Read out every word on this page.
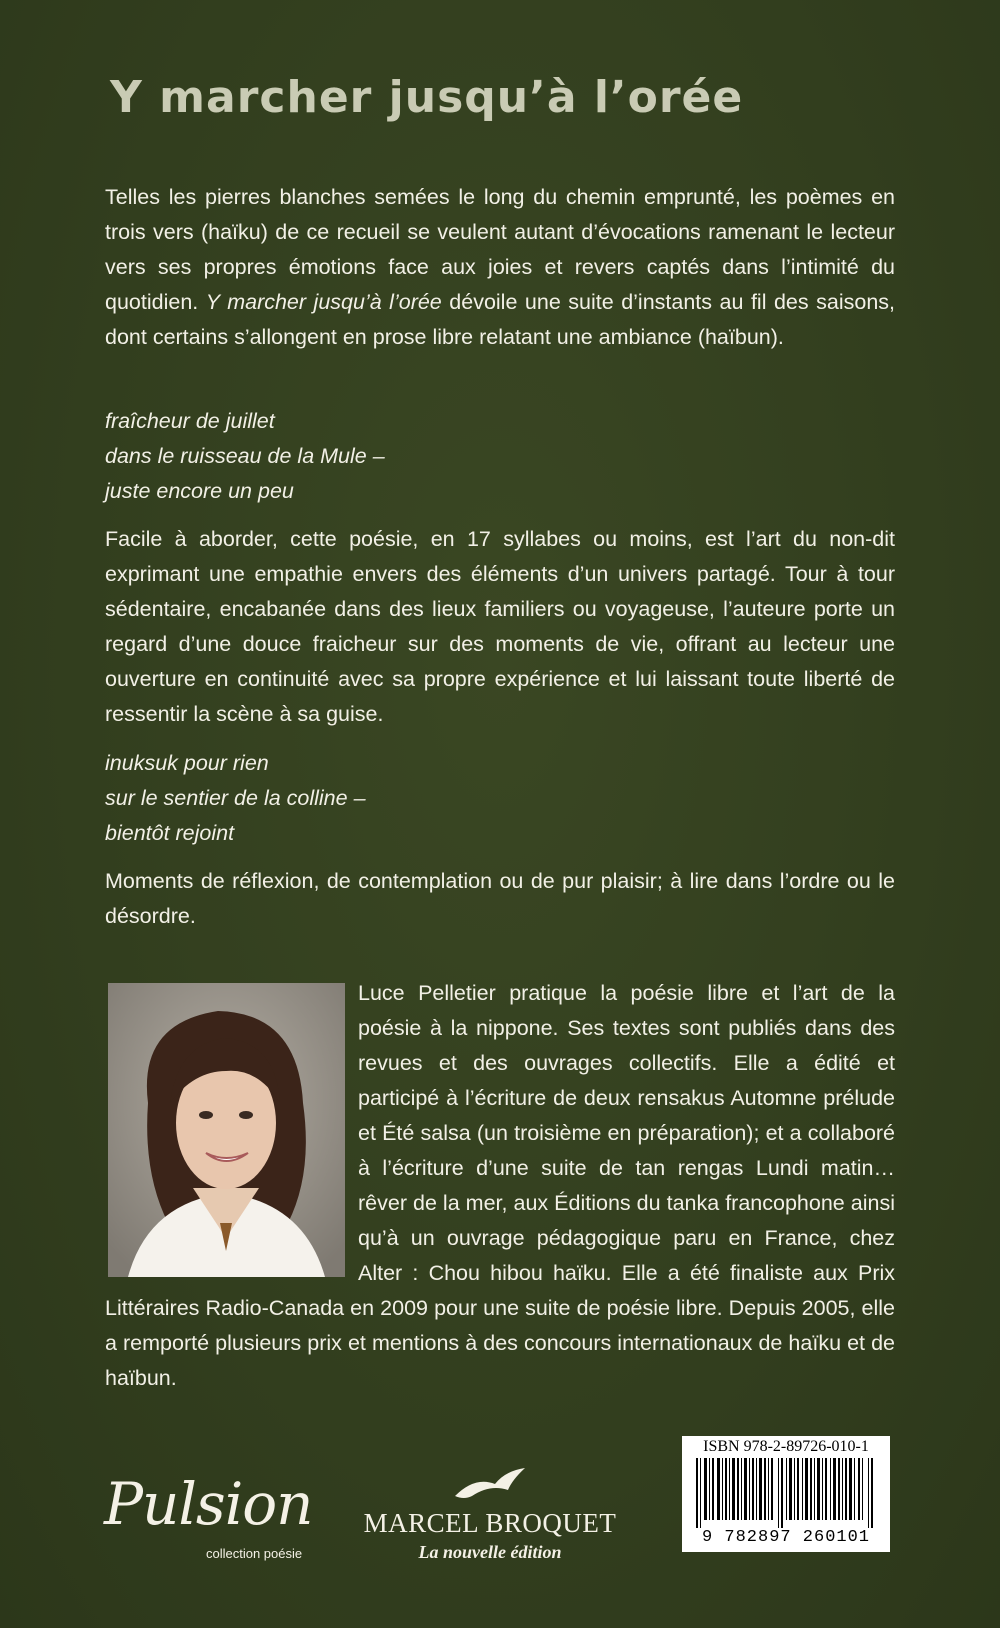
Y marcher jusqu’à l’orée

Telles les pierres blanches semées le long du chemin emprunté, les poèmes en trois vers (haïku) de ce recueil se veulent autant d’évocations ramenant le lecteur vers ses propres émotions face aux joies et revers captés dans l’intimité du quotidien. Y marcher jusqu’à l’orée dévoile une suite d’instants au fil des saisons, dont certains s’allongent en prose libre relatant une ambiance (haïbun).

fraîcheur de juillet
dans le ruisseau de la Mule –
juste encore un peu

Facile à aborder, cette poésie, en 17 syllabes ou moins, est l’art du non-dit exprimant une empathie envers des éléments d’un univers partagé. Tour à tour sédentaire, encabanée dans des lieux familiers ou voyageuse, l’auteure porte un regard d’une douce fraicheur sur des moments de vie, offrant au lecteur une ouverture en continuité avec sa propre expérience et lui laissant toute liberté de ressentir la scène à sa guise.

inuksuk pour rien
sur le sentier de la colline –
bientôt rejoint

Moments de réflexion, de contemplation ou de pur plaisir; à lire dans l’ordre ou le désordre.

Luce Pelletier pratique la poésie libre et l’art de la poésie à la nippone. Ses textes sont publiés dans des revues et des ouvrages collectifs. Elle a édité et participé à l’écriture de deux rensakus Automne prélude et Été salsa (un troisième en préparation); et a collaboré à l’écriture d’une suite de tan rengas Lundi matin… rêver de la mer, aux Éditions du tanka francophone ainsi qu’à un ouvrage pédagogique paru en France, chez Alter : Chou hibou haïku. Elle a été finaliste aux Prix Littéraires Radio-Canada en 2009 pour une suite de poésie libre. Depuis 2005, elle a remporté plusieurs prix et mentions à des concours internationaux de haïku et de haïbun.

Pulsion
collection poésie
MARCEL BROQUET
La nouvelle édition
ISBN 978-2-89726-010-1
9 782897 260101
